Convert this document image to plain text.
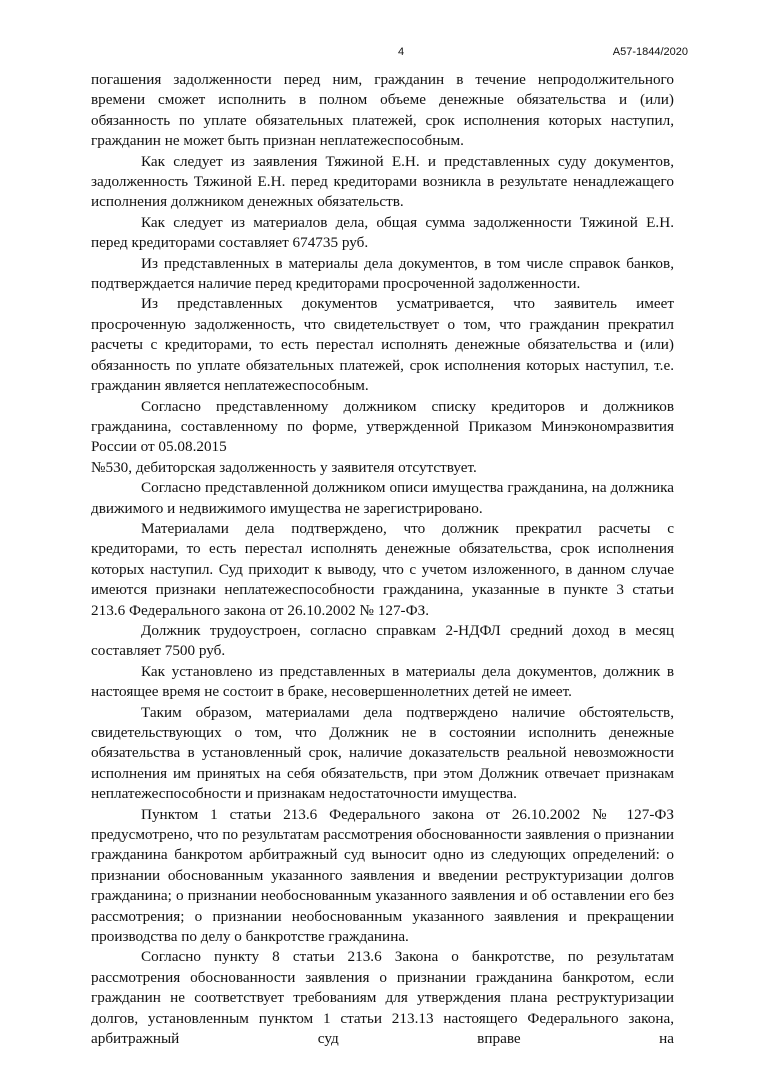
4	А57-1844/2020

погашения задолженности перед ним, гражданин в течение непродолжительного времени сможет исполнить в полном объеме денежные обязательства и (или) обязанность по уплате обязательных платежей, срок исполнения которых наступил, гражданин не может быть признан неплатежеспособным.

Как следует из заявления Тяжиной Е.Н. и представленных суду документов, задолженность Тяжиной Е.Н. перед кредиторами возникла в результате ненадлежащего исполнения должником денежных обязательств.

Как следует из материалов дела, общая сумма задолженности Тяжиной Е.Н. перед кредиторами составляет 674735 руб.

Из представленных в материалы дела документов, в том числе справок банков, подтверждается наличие перед кредиторами просроченной задолженности.

Из представленных документов усматривается, что заявитель имеет просроченную задолженность, что свидетельствует о том, что гражданин прекратил расчеты с кредиторами, то есть перестал исполнять денежные обязательства и (или) обязанность по уплате обязательных платежей, срок исполнения которых наступил, т.е. гражданин является неплатежеспособным.

Согласно представленному должником списку кредиторов и должников гражданина, составленному по форме, утвержденной Приказом Минэкономразвития России от 05.08.2015
№530, дебиторская задолженность у заявителя отсутствует.

Согласно представленной должником описи имущества гражданина, на должника движимого и недвижимого имущества не зарегистрировано.

Материалами дела подтверждено, что должник прекратил расчеты с кредиторами, то есть перестал исполнять денежные обязательства, срок исполнения которых наступил. Суд приходит к выводу, что с учетом изложенного, в данном случае имеются признаки неплатежеспособности гражданина, указанные в пункте 3 статьи 213.6 Федерального закона от 26.10.2002 № 127-ФЗ.

Должник трудоустроен, согласно справкам 2-НДФЛ средний доход в месяц составляет 7500 руб.

Как установлено из представленных в материалы дела документов, должник в настоящее время не состоит в браке, несовершеннолетних детей не имеет.

Таким образом, материалами дела подтверждено наличие обстоятельств, свидетельствующих о том, что Должник не в состоянии исполнить денежные обязательства в установленный срок, наличие доказательств реальной невозможности исполнения им принятых на себя обязательств, при этом Должник отвечает признакам неплатежеспособности и признакам недостаточности имущества.

Пунктом 1 статьи 213.6 Федерального закона от 26.10.2002 № 127-ФЗ предусмотрено, что по результатам рассмотрения обоснованности заявления о признании гражданина банкротом арбитражный суд выносит одно из следующих определений: о признании обоснованным указанного заявления и введении реструктуризации долгов гражданина; о признании необоснованным указанного заявления и об оставлении его без рассмотрения; о признании необоснованным указанного заявления и прекращении производства по делу о банкротстве гражданина.

Согласно пункту 8 статьи 213.6 Закона о банкротстве, по результатам рассмотрения обоснованности заявления о признании гражданина банкротом, если гражданин не соответствует требованиям для утверждения плана реструктуризации долгов, установленным пунктом 1 статьи 213.13 настоящего Федерального закона, арбитражный суд вправе на
